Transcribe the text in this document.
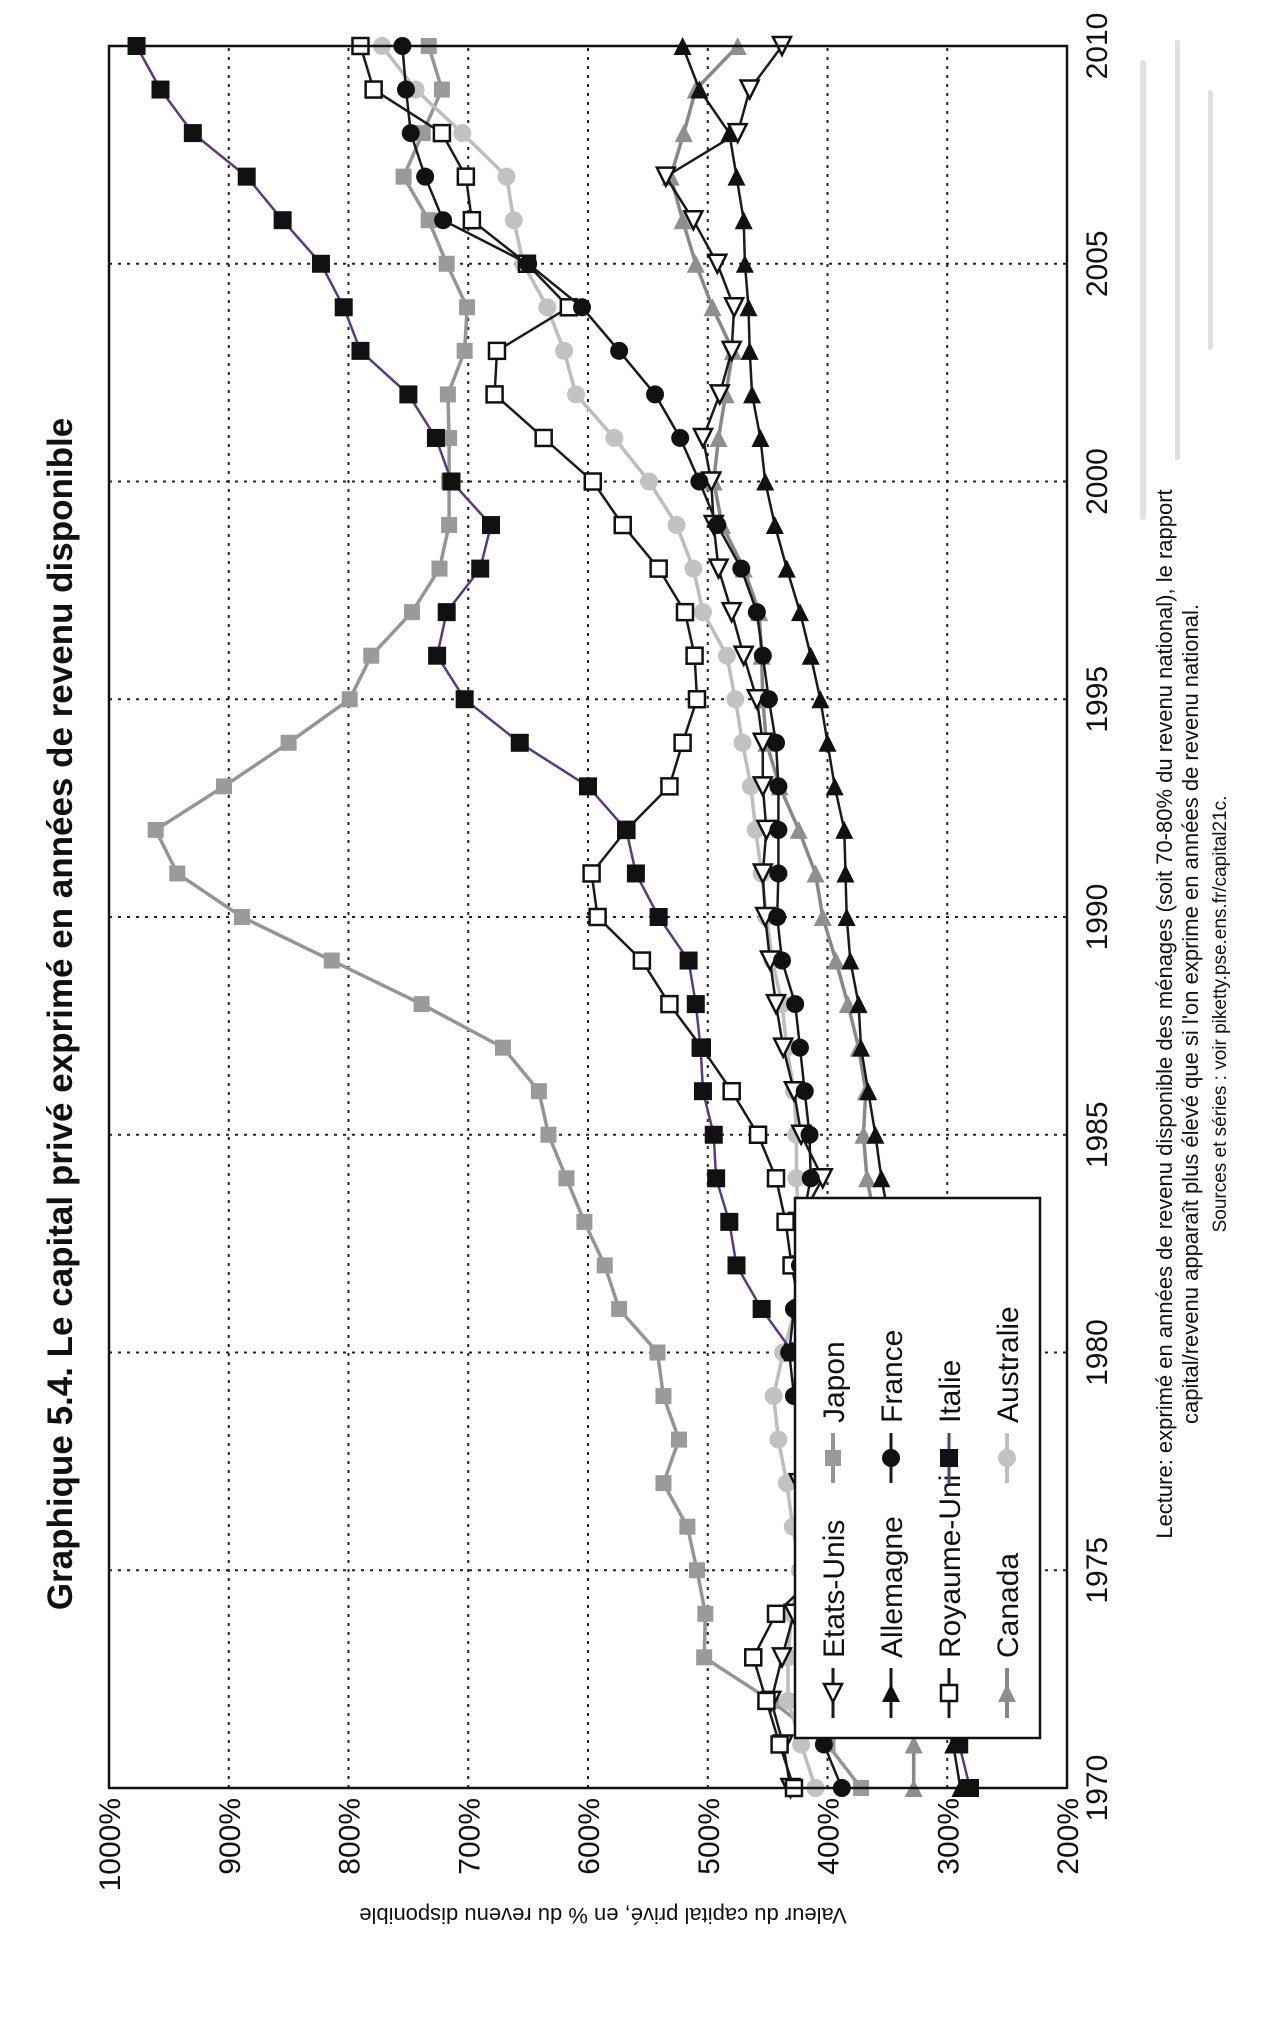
Graphique 5.4. Le capital privé exprimé en années de revenu disponible
1970
1975
1980
1985
1990
1995
2000
2005
2010
200%
300%
400%
500%
600%
700%
800%
900%
1000%
Etats-Unis Allemagne Royaume-Uni Canada
Japon France Italie Australie
Valeur du capital privé, en % du revenu disponible
Lecture: exprimé en années de revenu disponible des ménages (soit 70-80% du revenu national), le rapport capital/revenu apparaît plus élevé que si l'on exprime en années de revenu national. Sources et séries : voir piketty.pse.ens.fr/capital21c.
